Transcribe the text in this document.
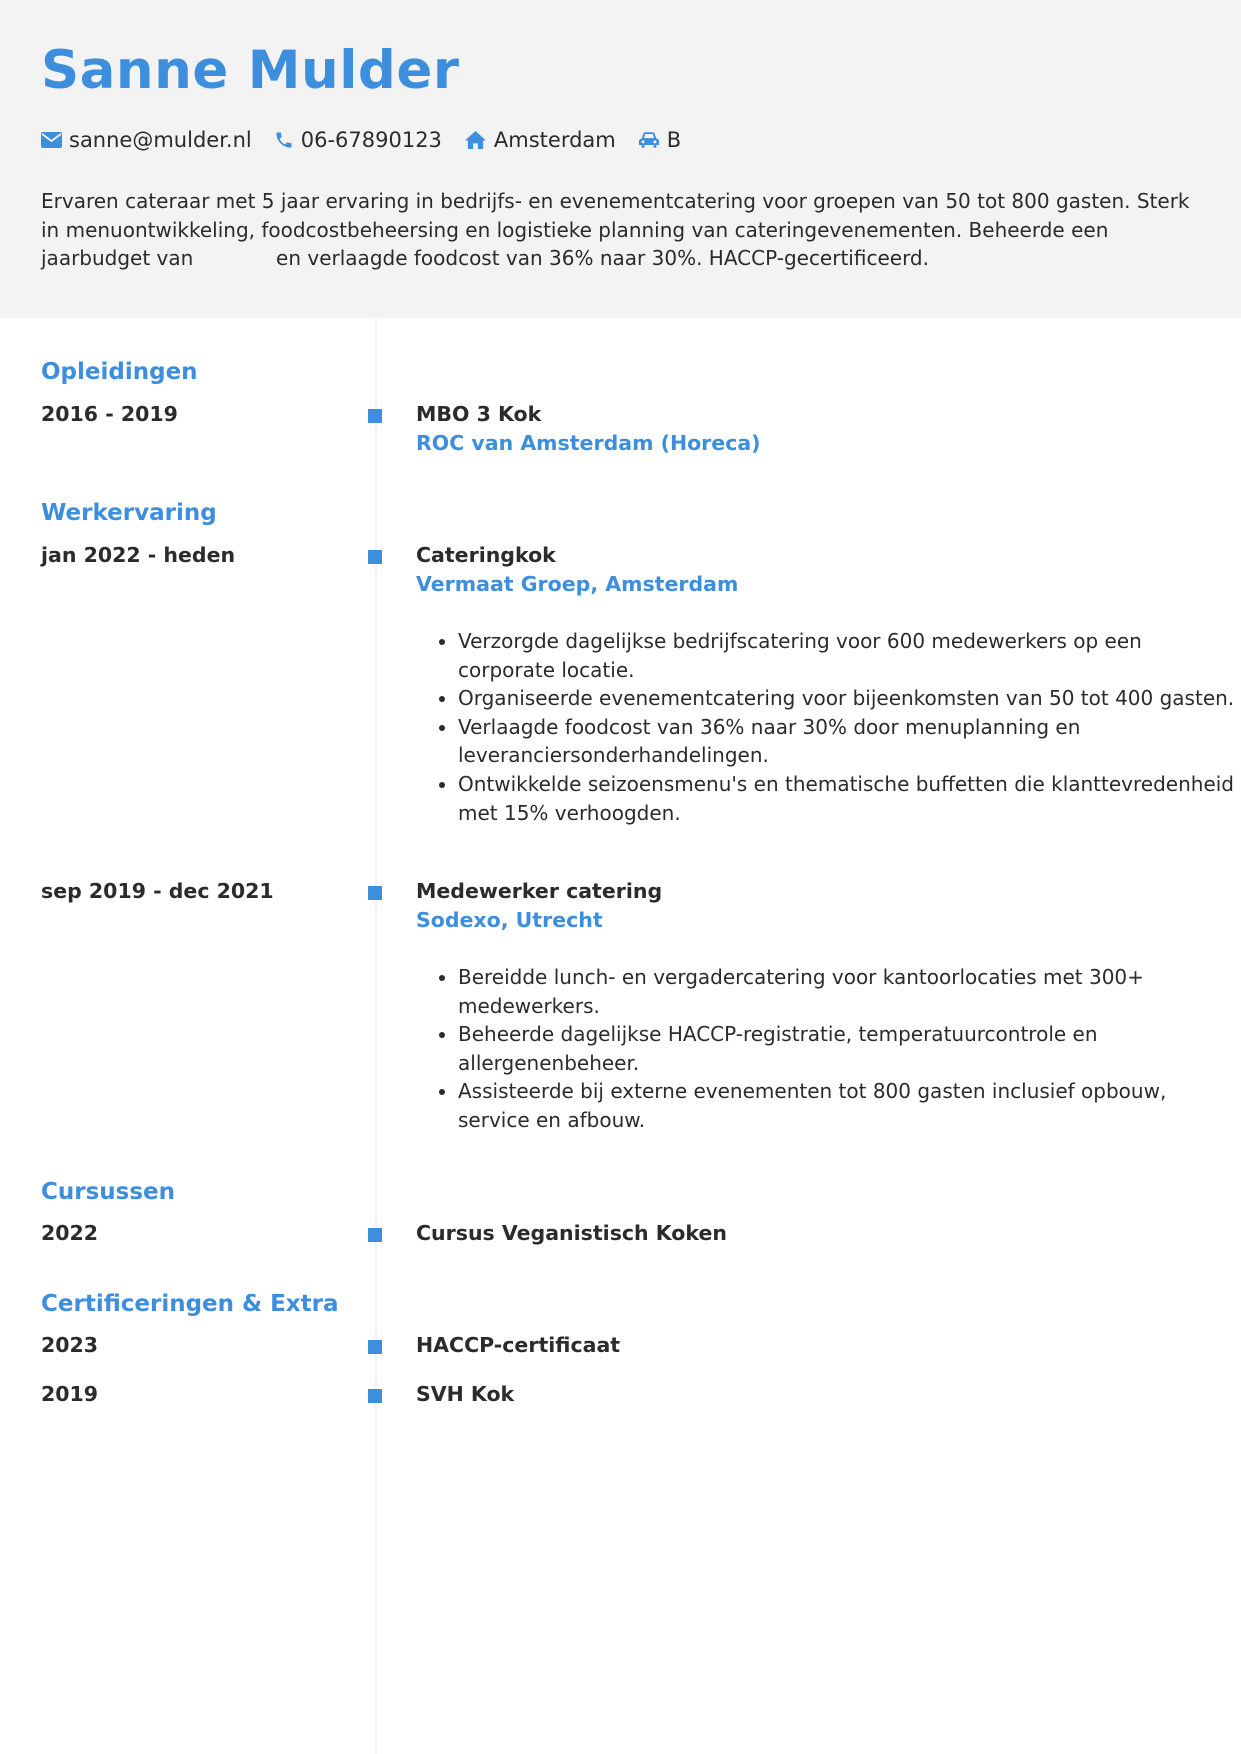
Sanne Mulder
sanne@mulder.nl 06-67890123 Amsterdam B

Ervaren cateraar met 5 jaar ervaring in bedrijfs- en evenementcatering voor groepen van 50 tot 800 gasten. Sterk in menuontwikkeling, foodcostbeheersing en logistieke planning van cateringevenementen. Beheerde een jaarbudget van	en verlaagde foodcost van 36% naar 30%. HACCP-gecertificeerd.

Opleidingen
2016 - 2019	MBO 3 Kok
ROC van Amsterdam (Horeca)
Werkervaring
jan 2022 - heden	Cateringkok
Vermaat Groep, Amsterdam
• Verzorgde dagelijkse bedrijfscatering voor 600 medewerkers op een corporate locatie.
• Organiseerde evenementcatering voor bijeenkomsten van 50 tot 400 gasten.
• Verlaagde foodcost van 36% naar 30% door menuplanning en leveranciersonderhandelingen.
• Ontwikkelde seizoensmenu's en thematische buffetten die klanttevredenheid met 15% verhoogden.
sep 2019 - dec 2021	Medewerker catering
Sodexo, Utrecht
• Bereidde lunch- en vergadercatering voor kantoorlocaties met 300+ medewerkers.
• Beheerde dagelijkse HACCP-registratie, temperatuurcontrole en allergenenbeheer.
• Assisteerde bij externe evenementen tot 800 gasten inclusief opbouw, service en afbouw.
Cursussen
2022	Cursus Veganistisch Koken
Certificeringen & Extra
2023	HACCP-certificaat
2019	SVH Kok
